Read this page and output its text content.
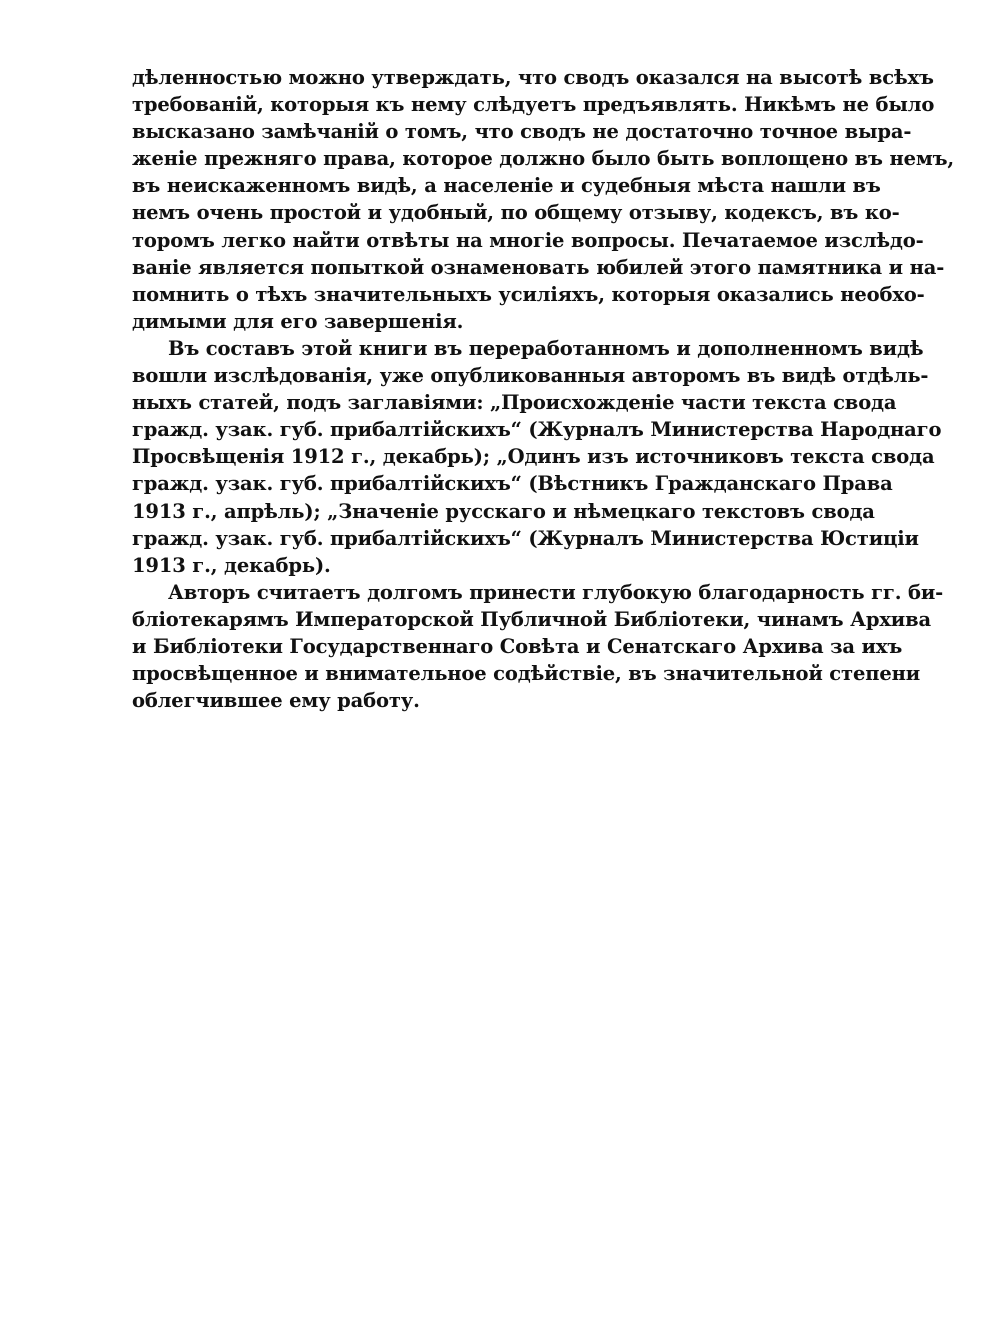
дѣленностью можно утверждать, что сводъ оказался на высотѣ всѣхъ
требованій, которыя къ нему слѣдуетъ предъявлять. Никѣмъ не было
высказано замѣчаній о томъ, что сводъ не достаточно точное выра-
женіе прежняго права, которое должно было быть воплощено въ немъ,
въ неискаженномъ видѣ, а населеніе и судебныя мѣста нашли въ
немъ очень простой и удобный, по общему отзыву, кодексъ, въ ко-
торомъ легко найти отвѣты на многіе вопросы. Печатаемое изслѣдо-
ваніе является попыткой ознаменовать юбилей этого памятника и на-
помнить о тѣхъ значительныхъ усиліяхъ, которыя оказались необхо-
димыми для его завершенія.
Въ составъ этой книги въ переработанномъ и дополненномъ видѣ
вошли изслѣдованія, уже опубликованныя авторомъ въ видѣ отдѣль-
ныхъ статей, подъ заглавіями: „Происхожденіе части текста свода
гражд. узак. губ. прибалтійскихъ“ (Журналъ Министерства Народнаго
Просвѣщенія 1912 г., декабрь); „Одинъ изъ источниковъ текста свода
гражд. узак. губ. прибалтійскихъ“ (Вѣстникъ Гражданскаго Права
1913 г., апрѣль); „Значеніе русскаго и нѣмецкаго текстовъ свода
гражд. узак. губ. прибалтійскихъ“ (Журналъ Министерства Юстиціи
1913 г., декабрь).
Авторъ считаетъ долгомъ принести глубокую благодарность гг. би-
бліотекарямъ Императорской Публичной Библіотеки, чинамъ Архива
и Библіотеки Государственнаго Совѣта и Сенатскаго Архива за ихъ
просвѣщенное и внимательное содѣйствіе, въ значительной степени
облегчившее ему работу.
